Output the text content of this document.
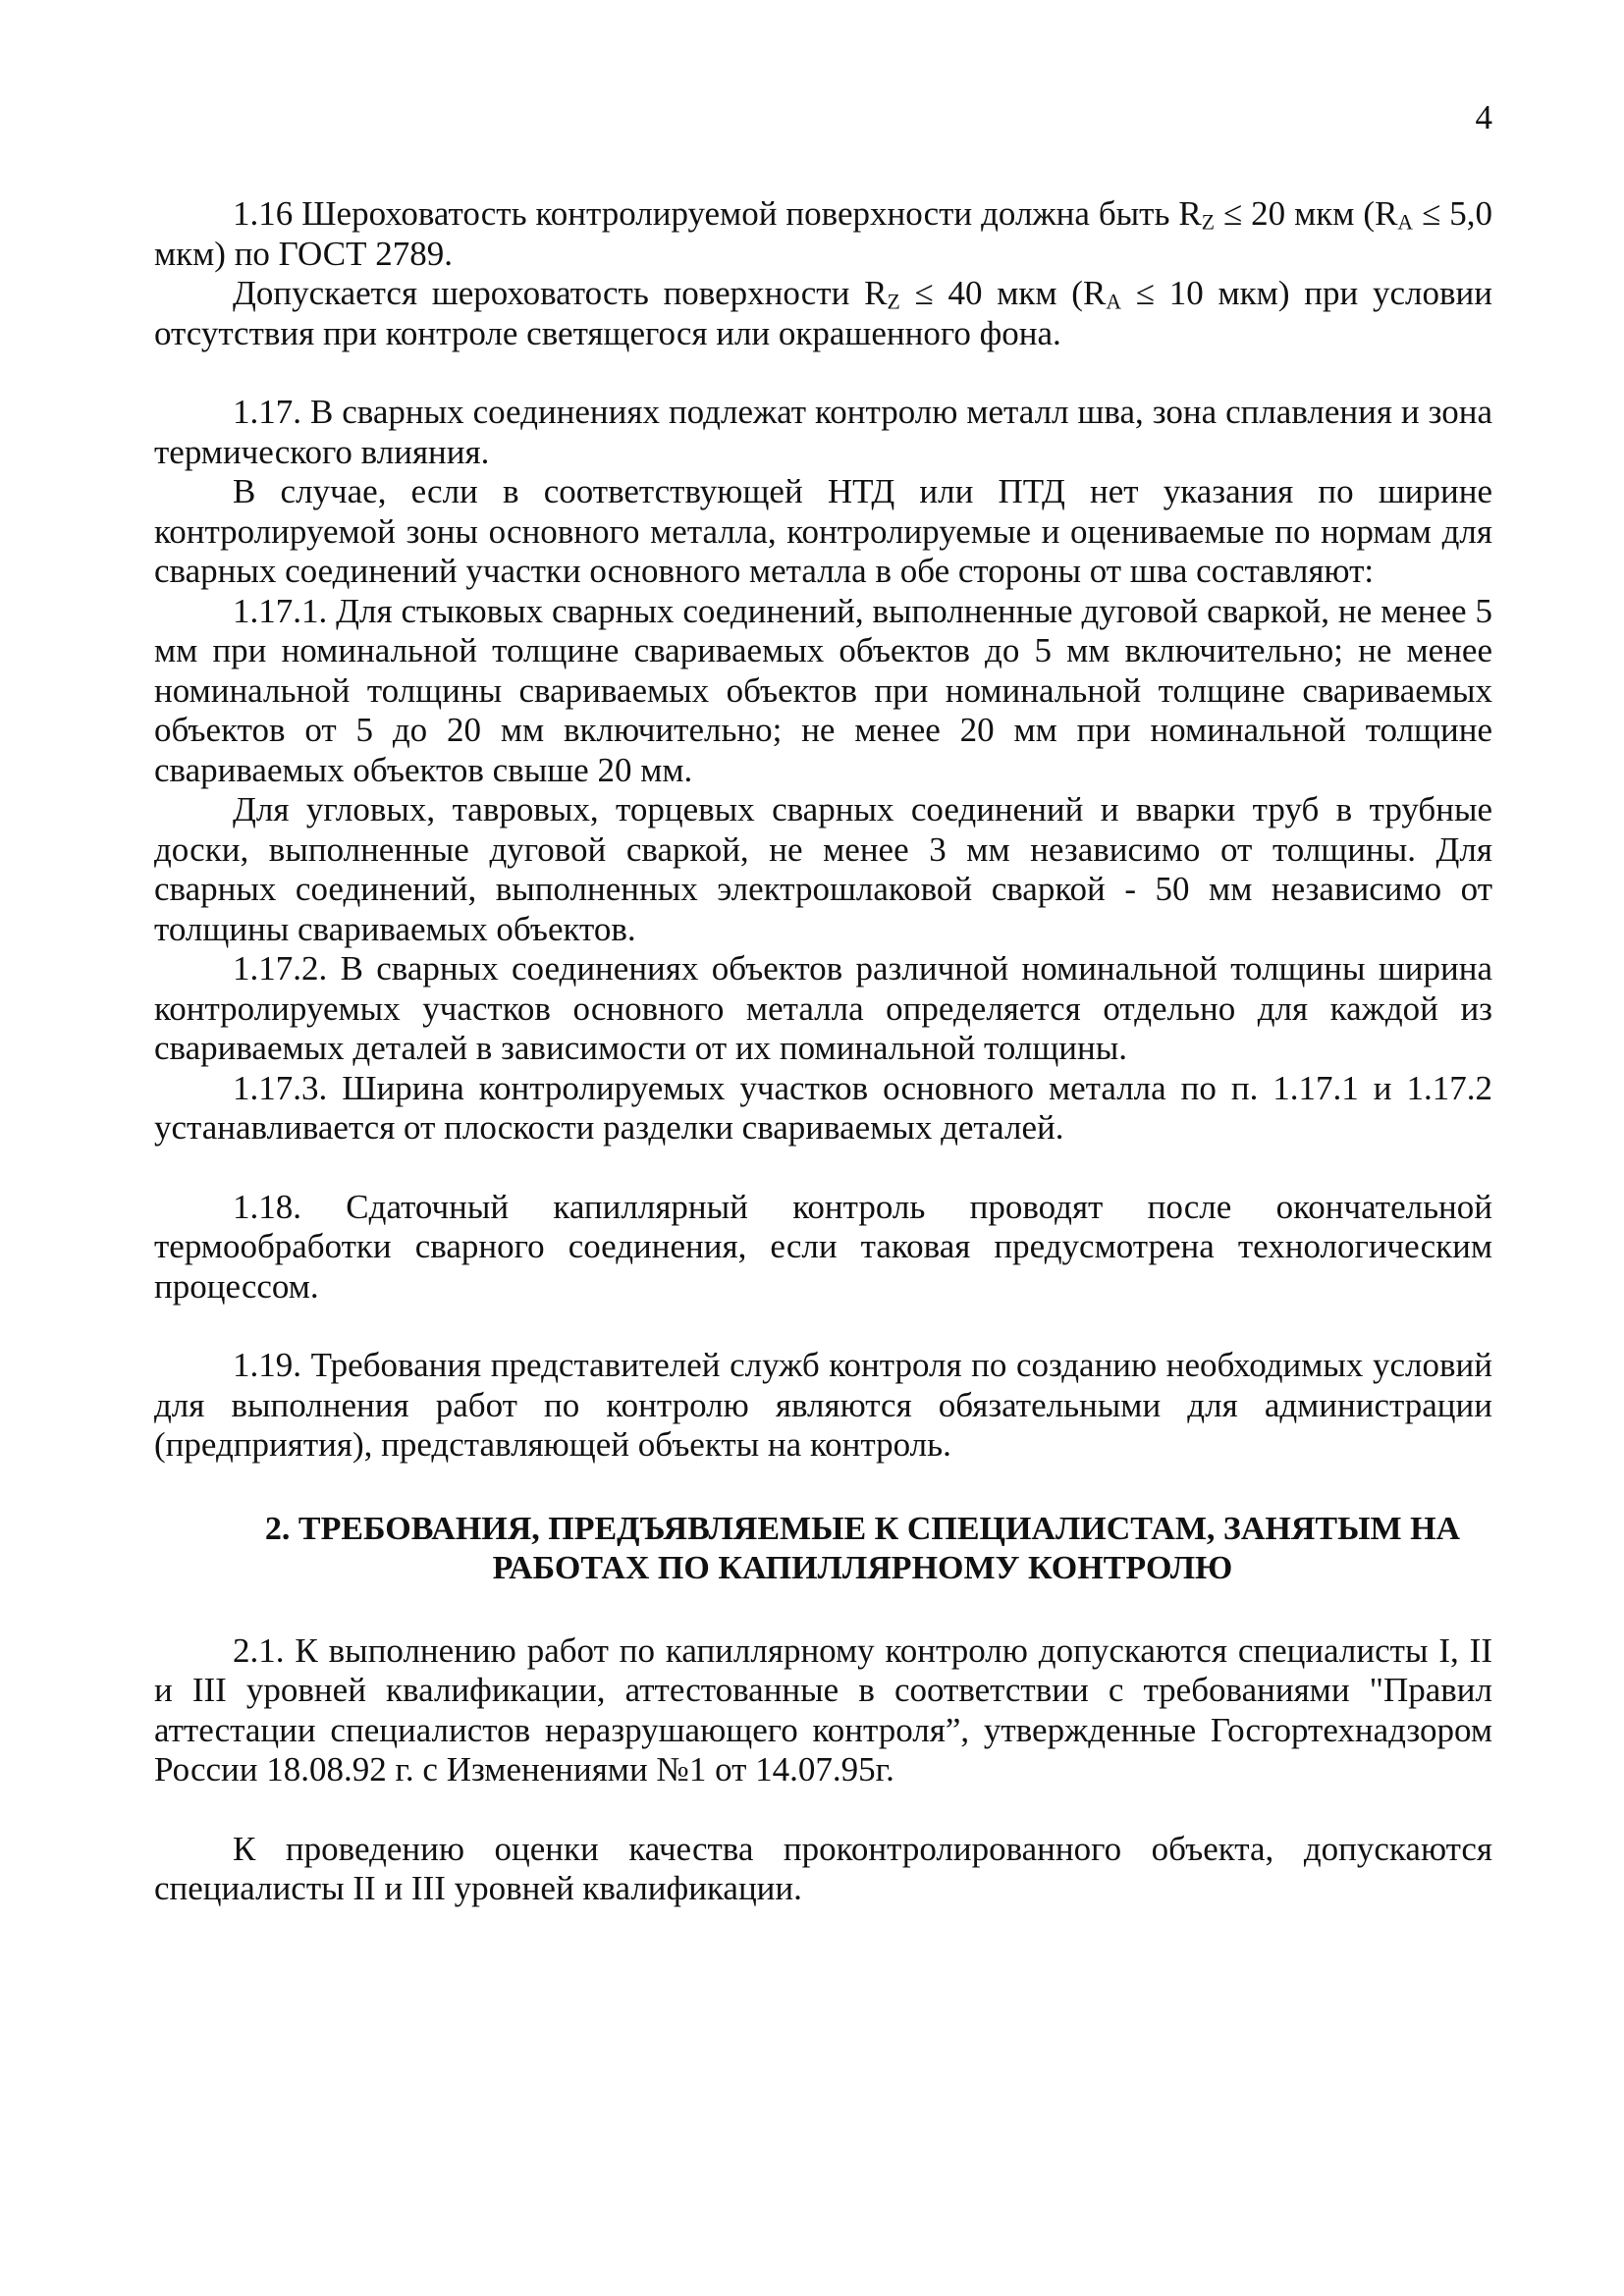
4

1.16 Шероховатость контролируемой поверхности должна быть $R_Z \le 20$ мкм ($R_A \le 5,0$ мкм) по ГОСТ 2789.

Допускается шероховатость поверхности $R_Z \le 40$ мкм ($R_A \le 10$ мкм) при условии отсутствия при контроле светящегося или окрашенного фона.

1.17. В сварных соединениях подлежат контролю металл шва, зона сплавления и зона термического влияния.

В случае, если в соответствующей НТД или ПТД нет указания по ширине контролируемой зоны основного металла, контролируемые и оцениваемые по нормам для сварных соединений участки основного металла в обе стороны от шва составляют:

1.17.1. Для стыковых сварных соединений, выполненные дуговой сваркой, не менее 5 мм при номинальной толщине свариваемых объектов до 5 мм включительно; не менее номинальной толщины свариваемых объектов при номинальной толщине свариваемых объектов от 5 до 20 мм включительно; не менее 20 мм при номинальной толщине свариваемых объектов свыше 20 мм.

Для угловых, тавровых, торцевых сварных соединений и вварки труб в трубные доски, выполненные дуговой сваркой, не менее 3 мм независимо от толщины. Для сварных соединений, выполненных электрошлаковой сваркой - 50 мм независимо от толщины свариваемых объектов.

1.17.2. В сварных соединениях объектов различной номинальной толщины ширина контролируемых участков основного металла определяется отдельно для каждой из свариваемых деталей в зависимости от их поминальной толщины.

1.17.3. Ширина контролируемых участков основного металла по п. 1.17.1 и 1.17.2 устанавливается от плоскости разделки свариваемых деталей.

1.18. Сдаточный капиллярный контроль проводят после окончательной термообработки сварного соединения, если таковая предусмотрена технологическим процессом.

1.19. Требования представителей служб контроля по созданию необходимых условий для выполнения работ по контролю являются обязательными для администрации (предприятия), представляющей объекты на контроль.

2. ТРЕБОВАНИЯ, ПРЕДЪЯВЛЯЕМЫЕ К СПЕЦИАЛИСТАМ, ЗАНЯТЫМ НА
РАБОТАХ ПО КАПИЛЛЯРНОМУ КОНТРОЛЮ

2.1. К выполнению работ по капиллярному контролю допускаются специалисты I, II и III уровней квалификации, аттестованные в соответствии с требованиями "Правил аттестации специалистов неразрушающего контроля”, утвержденные Госгортехнадзором России 18.08.92 г. с Изменениями №1 от 14.07.95г.

К проведению оценки качества проконтролированного объекта, допускаются специалисты II и III уровней квалификации.
